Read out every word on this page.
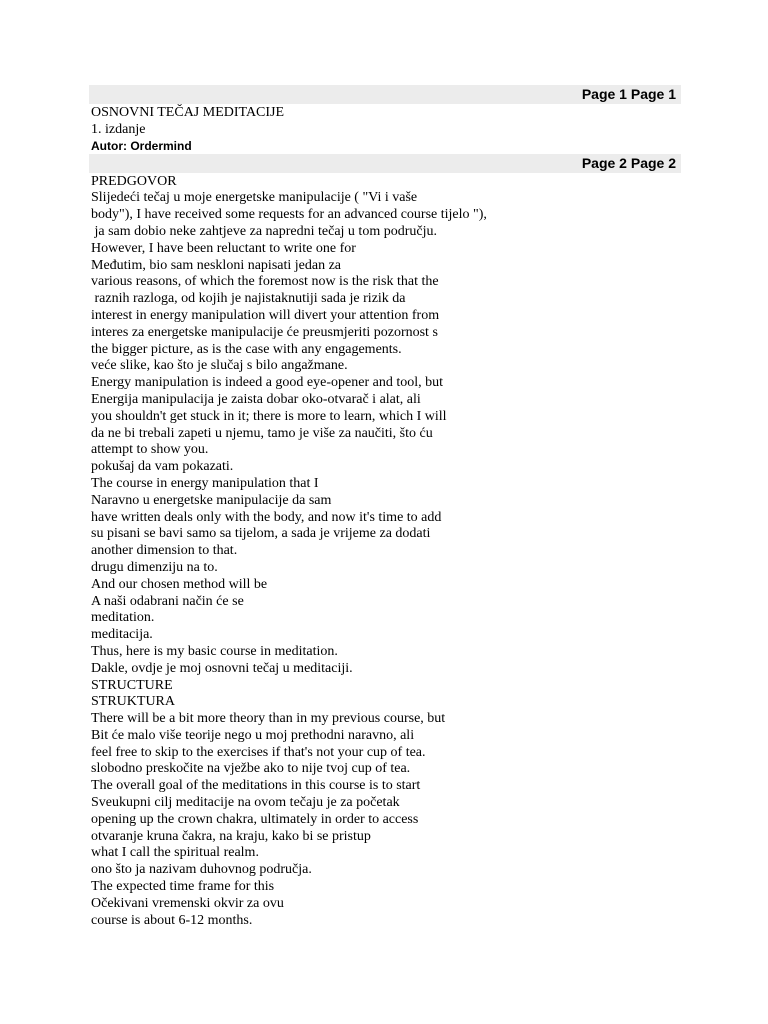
Page 1 Page 1
OSNOVNI TEČAJ MEDITACIJE
1. izdanje
Autor: Ordermind
Page 2 Page 2
PREDGOVOR
Slijedeći tečaj u moje energetske manipulacije ( "Vi i vaše
body"), I have received some requests for an advanced course tijelo "),
ja sam dobio neke zahtjeve za napredni tečaj u tom području.
However, I have been reluctant to write one for
Međutim, bio sam neskloni napisati jedan za
various reasons, of which the foremost now is the risk that the
raznih razloga, od kojih je najistaknutiji sada je rizik da
interest in energy manipulation will divert your attention from
interes za energetske manipulacije će preusmjeriti pozornost s
the bigger picture, as is the case with any engagements.
veće slike, kao što je slučaj s bilo angažmane.
Energy manipulation is indeed a good eye-opener and tool, but
Energija manipulacija je zaista dobar oko-otvarač i alat, ali
you shouldn't get stuck in it; there is more to learn, which I will
da ne bi trebali zapeti u njemu, tamo je više za naučiti, što ću
attempt to show you.
pokušaj da vam pokazati.
The course in energy manipulation that I
Naravno u energetske manipulacije da sam
have written deals only with the body, and now it's time to add
su pisani se bavi samo sa tijelom, a sada je vrijeme za dodati
another dimension to that.
drugu dimenziju na to.
And our chosen method will be
A naši odabrani način će se
meditation.
meditacija.
Thus, here is my basic course in meditation.
Dakle, ovdje je moj osnovni tečaj u meditaciji.
STRUCTURE
STRUKTURA
There will be a bit more theory than in my previous course, but
Bit će malo više teorije nego u moj prethodni naravno, ali
feel free to skip to the exercises if that's not your cup of tea.
slobodno preskočite na vježbe ako to nije tvoj cup of tea.
The overall goal of the meditations in this course is to start
Sveukupni cilj meditacije na ovom tečaju je za početak
opening up the crown chakra, ultimately in order to access
otvaranje kruna čakra, na kraju, kako bi se pristup
what I call the spiritual realm.
ono što ja nazivam duhovnog područja.
The expected time frame for this
Očekivani vremenski okvir za ovu
course is about 6-12 months.
